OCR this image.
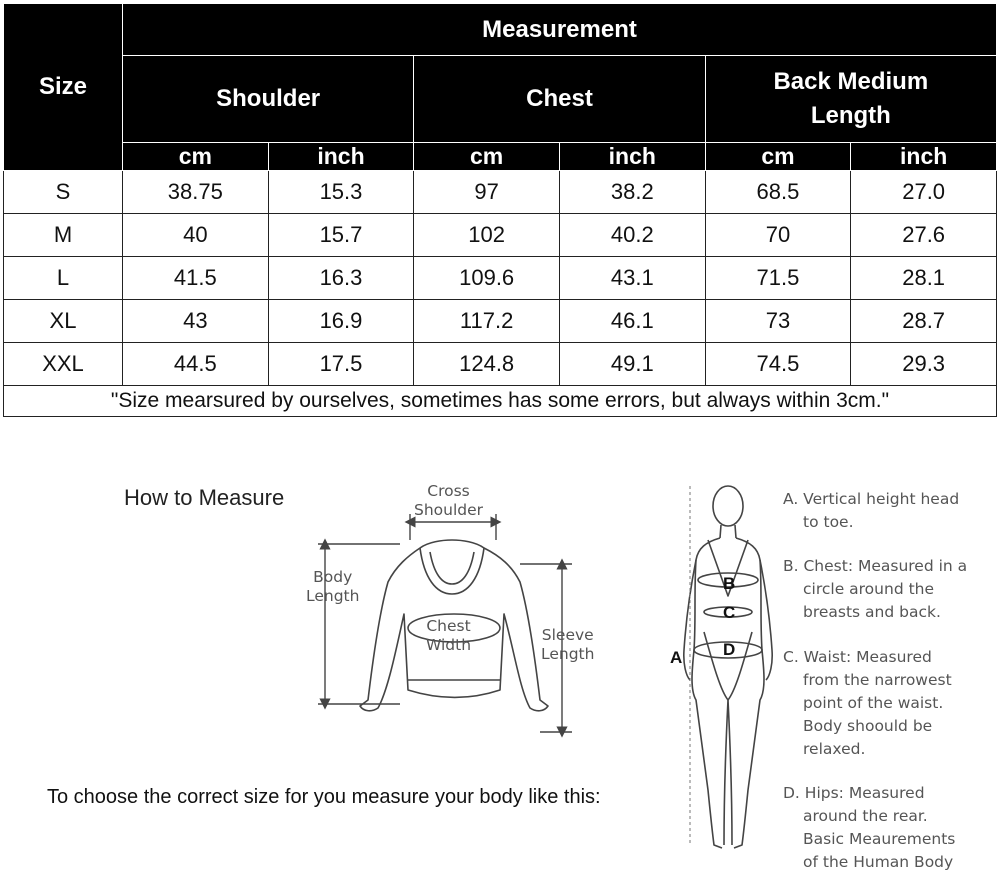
Size	Measurement					
	Shoulder		Chest		Back Medium
Length	
	cm	inch	cm	inch	cm	inch
S	38.75	15.3	97	38.2	68.5	27.0
M	40	15.7	102	40.2	70	27.6
L	41.5	16.3	109.6	43.1	71.5	28.1
XL	43	16.9	117.2	46.1	73	28.7
XXL	44.5	17.5	124.8	49.1	74.5	29.3
"Size mearsured by ourselves, sometimes has some errors, but always within 3cm."						
How to Measure
To choose the correct size for you measure your body like this:
Cross
Shoulder
Body
Length
Chest
Width
Sleeve
Length	A
B
C
D
A. Vertical height head
to toe.
B. Chest: Measured in a
circle around the
breasts and back.
C. Waist: Measured
from the narrowest
point of the waist.
Body shoould be
relaxed.
D. Hips: Measured
around the rear.
Basic Meaurements
of the Human Body
